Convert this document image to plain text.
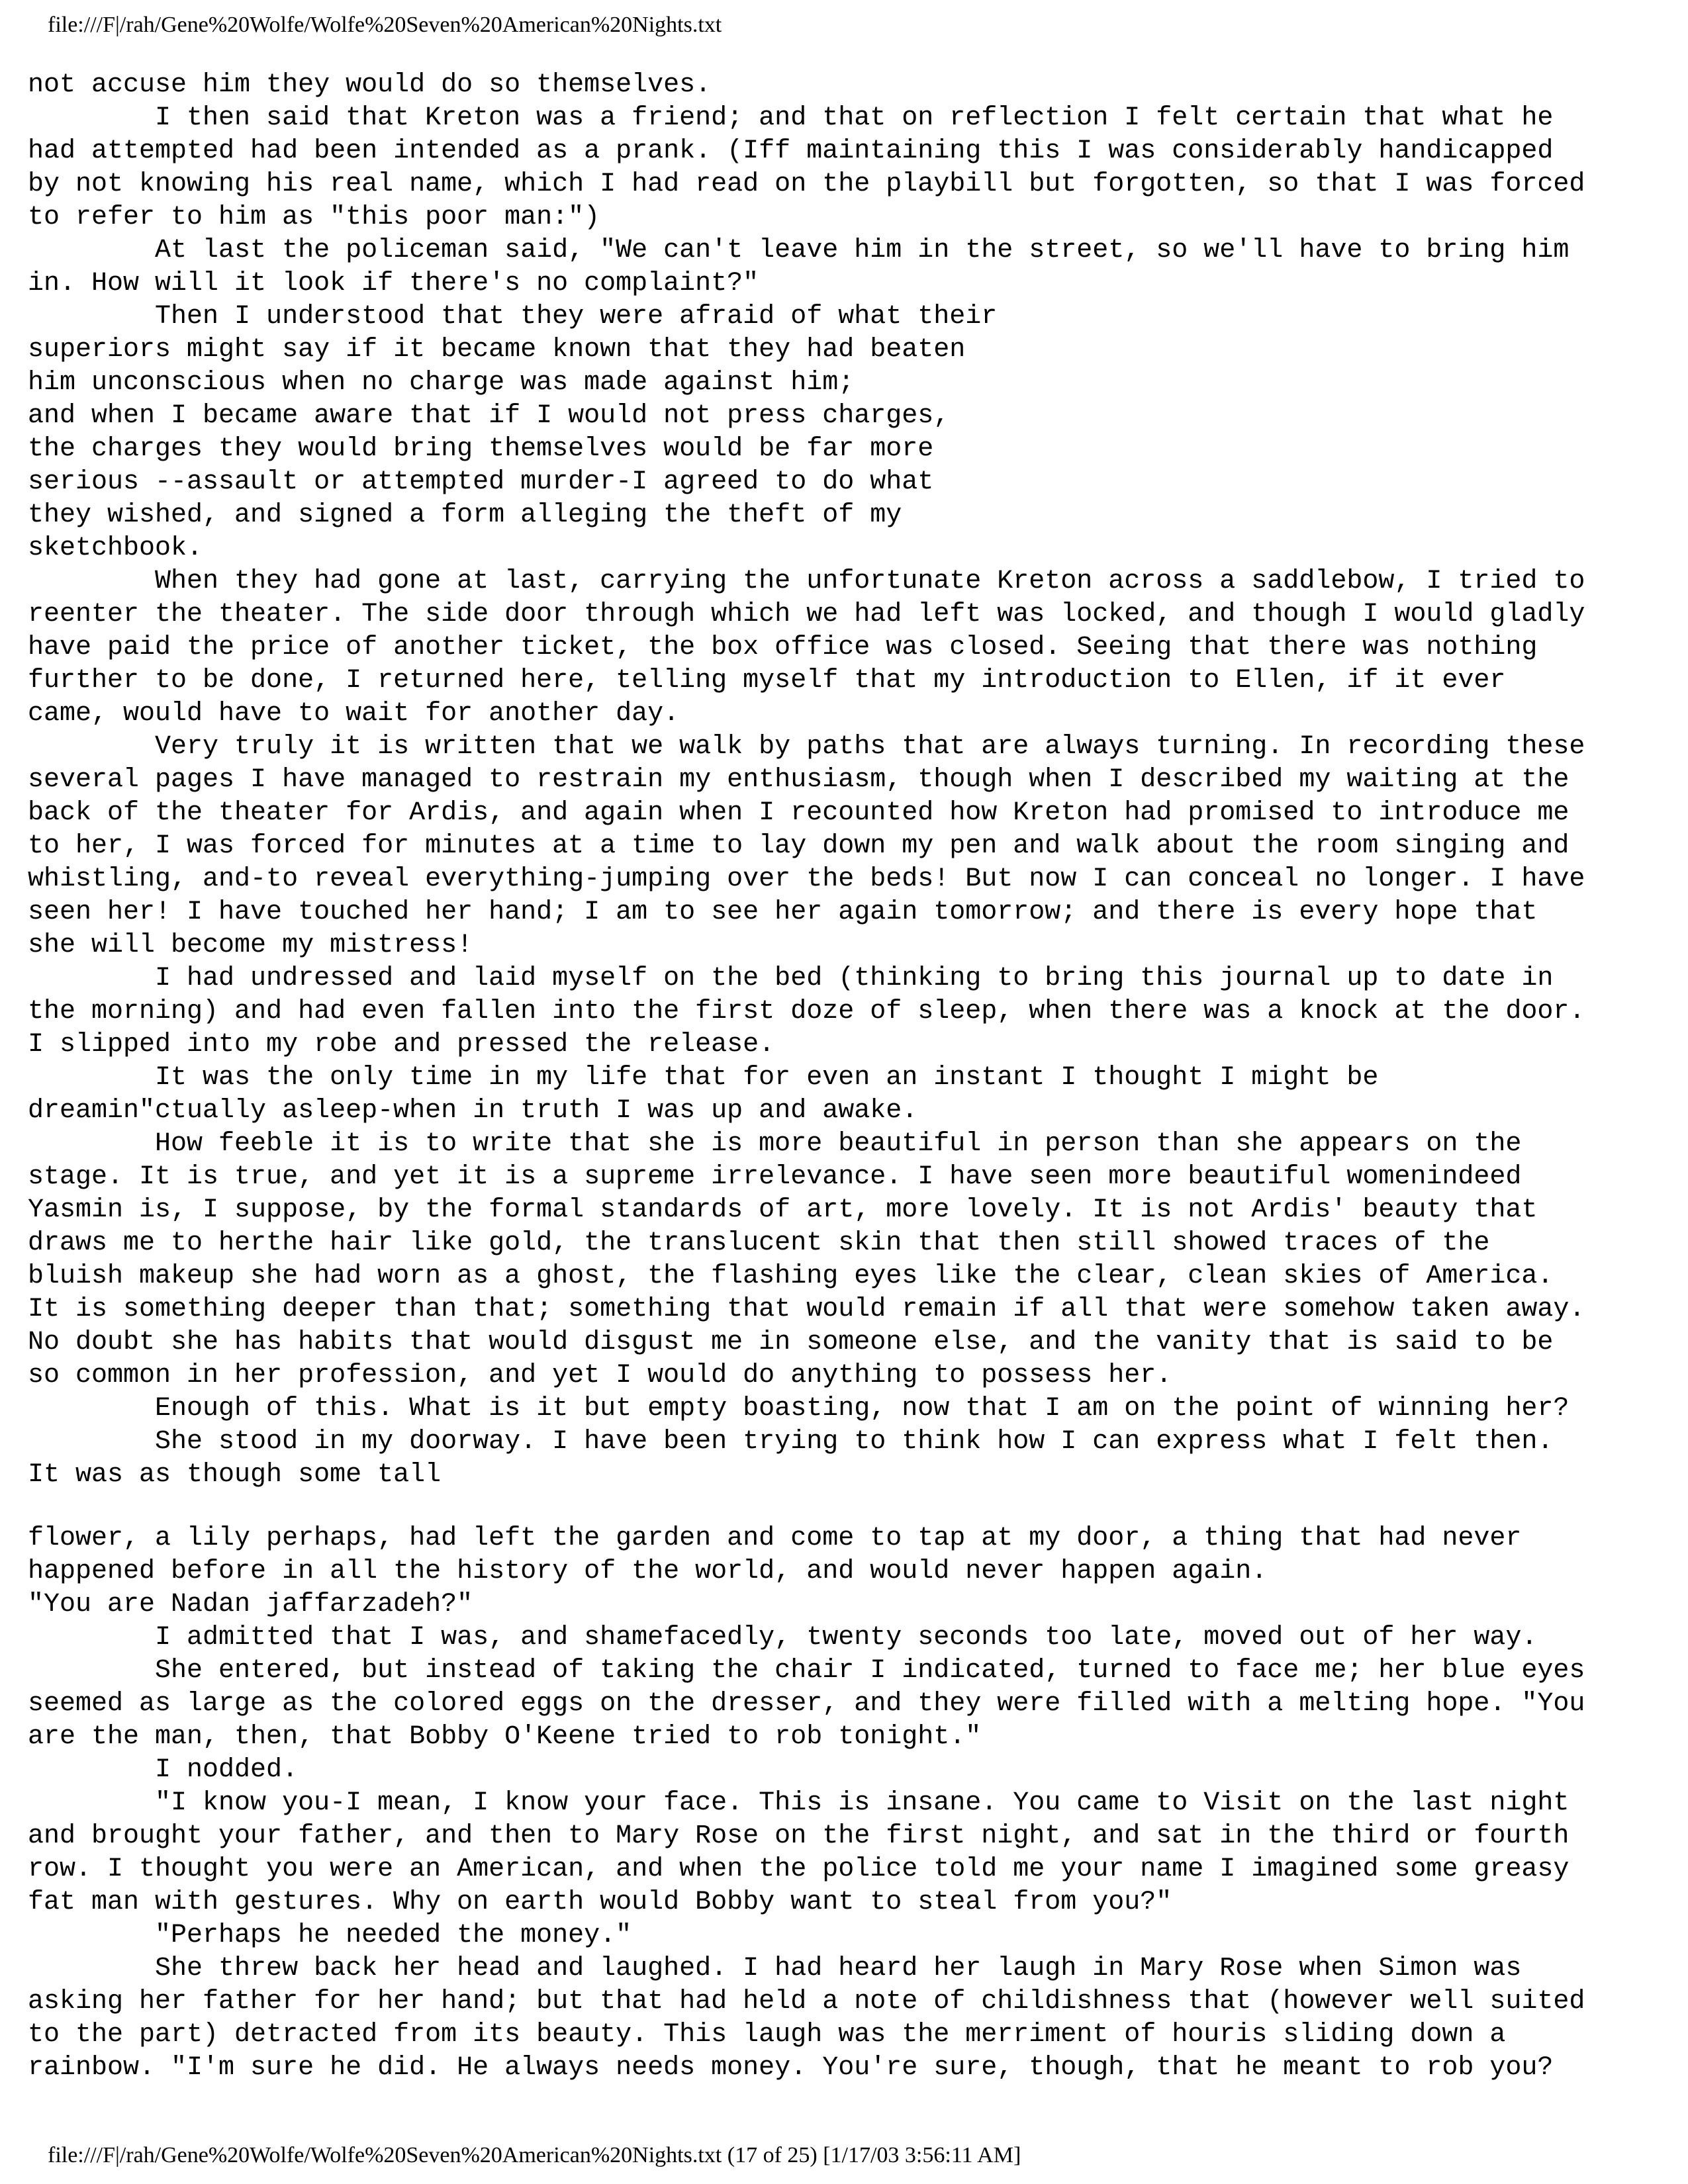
file:///F|/rah/Gene%20Wolfe/Wolfe%20Seven%20American%20Nights.txt
not accuse him they would do so themselves.
I then said that Kreton was a friend; and that on reflection I felt certain that what he
had attempted had been intended as a prank. (Iff maintaining this I was considerably handicapped
by not knowing his real name, which I had read on the playbill but forgotten, so that I was forced
to refer to him as "this poor man:")
At last the policeman said, "We can't leave him in the street, so we'll have to bring him
in. How will it look if there's no complaint?"
Then I understood that they were afraid of what their
superiors might say if it became known that they had beaten
him unconscious when no charge was made against him;
and when I became aware that if I would not press charges,
the charges they would bring themselves would be far more
serious --assault or attempted murder-I agreed to do what
they wished, and signed a form alleging the theft of my
sketchbook.
When they had gone at last, carrying the unfortunate Kreton across a saddlebow, I tried to
reenter the theater. The side door through which we had left was locked, and though I would gladly
have paid the price of another ticket, the box office was closed. Seeing that there was nothing
further to be done, I returned here, telling myself that my introduction to Ellen, if it ever
came, would have to wait for another day.
Very truly it is written that we walk by paths that are always turning. In recording these
several pages I have managed to restrain my enthusiasm, though when I described my waiting at the
back of the theater for Ardis, and again when I recounted how Kreton had promised to introduce me
to her, I was forced for minutes at a time to lay down my pen and walk about the room singing and
whistling, and-to reveal everything-jumping over the beds! But now I can conceal no longer. I have
seen her! I have touched her hand; I am to see her again tomorrow; and there is every hope that
she will become my mistress!
I had undressed and laid myself on the bed (thinking to bring this journal up to date in
the morning) and had even fallen into the first doze of sleep, when there was a knock at the door.
I slipped into my robe and pressed the release.
It was the only time in my life that for even an instant I thought I might be
dreamin"ctually asleep-when in truth I was up and awake.
How feeble it is to write that she is more beautiful in person than she appears on the
stage. It is true, and yet it is a supreme irrelevance. I have seen more beautiful womenindeed
Yasmin is, I suppose, by the formal standards of art, more lovely. It is not Ardis' beauty that
draws me to herthe hair like gold, the translucent skin that then still showed traces of the
bluish makeup she had worn as a ghost, the flashing eyes like the clear, clean skies of America.
It is something deeper than that; something that would remain if all that were somehow taken away.
No doubt she has habits that would disgust me in someone else, and the vanity that is said to be
so common in her profession, and yet I would do anything to possess her.
Enough of this. What is it but empty boasting, now that I am on the point of winning her?
She stood in my doorway. I have been trying to think how I can express what I felt then.
It was as though some tall
flower, a lily perhaps, had left the garden and come to tap at my door, a thing that had never
happened before in all the history of the world, and would never happen again.
"You are Nadan jaffarzadeh?"
I admitted that I was, and shamefacedly, twenty seconds too late, moved out of her way.
She entered, but instead of taking the chair I indicated, turned to face me; her blue eyes
seemed as large as the colored eggs on the dresser, and they were filled with a melting hope. "You
are the man, then, that Bobby O'Keene tried to rob tonight."
I nodded.
"I know you-I mean, I know your face. This is insane. You came to Visit on the last night
and brought your father, and then to Mary Rose on the first night, and sat in the third or fourth
row. I thought you were an American, and when the police told me your name I imagined some greasy
fat man with gestures. Why on earth would Bobby want to steal from you?"
"Perhaps he needed the money."
She threw back her head and laughed. I had heard her laugh in Mary Rose when Simon was
asking her father for her hand; but that had held a note of childishness that (however well suited
to the part) detracted from its beauty. This laugh was the merriment of houris sliding down a
rainbow. "I'm sure he did. He always needs money. You're sure, though, that he meant to rob you?
file:///F|/rah/Gene%20Wolfe/Wolfe%20Seven%20American%20Nights.txt (17 of 25) [1/17/03 3:56:11 AM]
